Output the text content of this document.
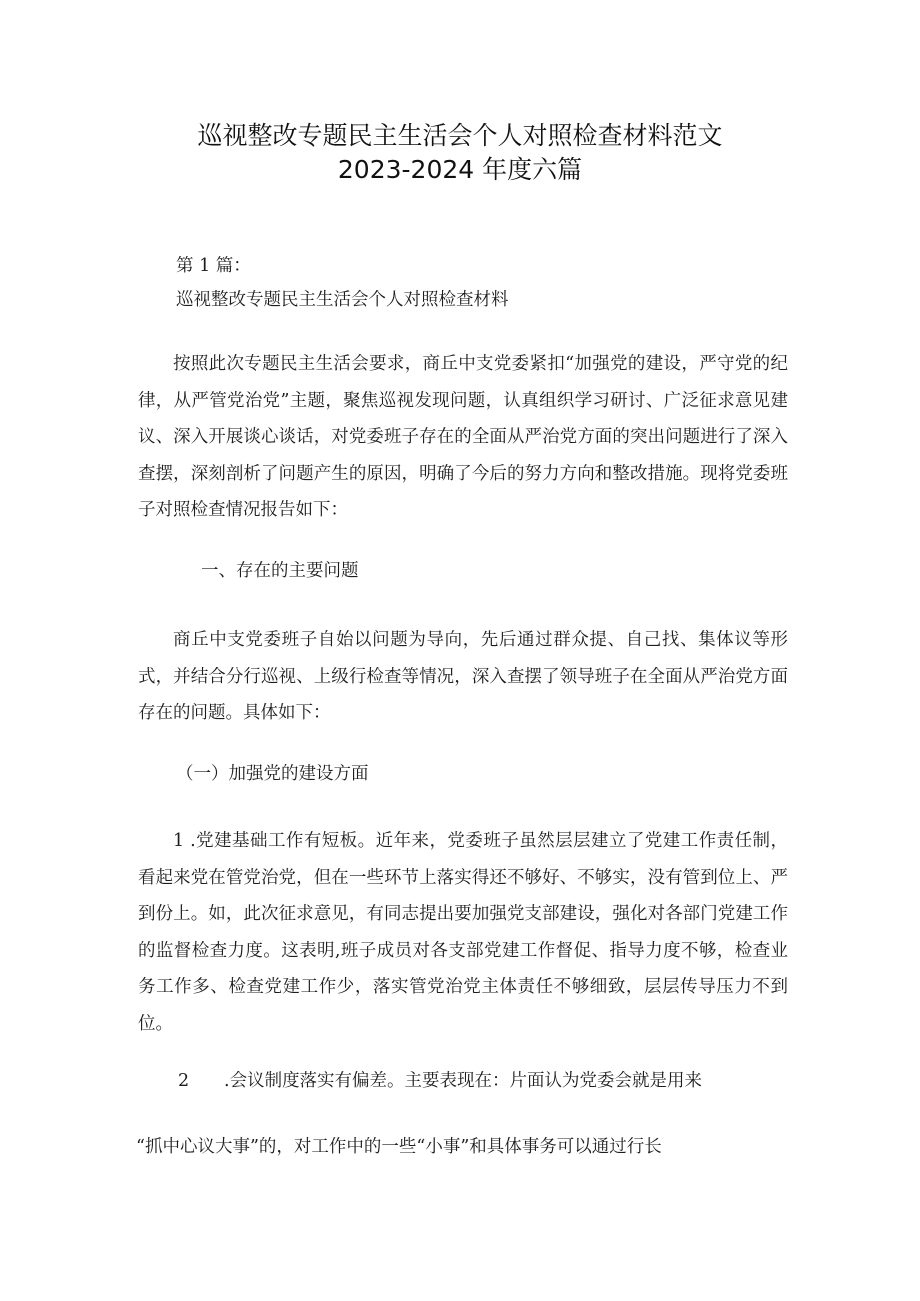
巡视整改专题民主生活会个人对照检查材料范文
2023-2024 年度六篇
第 1 篇：
巡视整改专题民主生活会个人对照检查材料
按照此次专题民主生活会要求，商丘中支党委紧扣“加强党的建设，严守党的纪律，从严管党治党”主题，聚焦巡视发现问题，认真组织学习研讨、广泛征求意见建议、深入开展谈心谈话，对党委班子存在的全面从严治党方面的突出问题进行了深入查摆，深刻剖析了问题产生的原因，明确了今后的努力方向和整改措施。现将党委班子对照检查情况报告如下：
一、存在的主要问题
商丘中支党委班子自始以问题为导向，先后通过群众提、自己找、集体议等形式，并结合分行巡视、上级行检查等情况，深入查摆了领导班子在全面从严治党方面存在的问题。具体如下：
（一）加强党的建设方面
1 .党建基础工作有短板。近年来，党委班子虽然层层建立了党建工作责任制，看起来党在管党治党，但在一些环节上落实得还不够好、不够实，没有管到位上、严到份上。如，此次征求意见，有同志提出要加强党支部建设，强化对各部门党建工作的监督检查力度。这表明,班子成员对各支部党建工作督促、指导力度不够，检查业务工作多、检查党建工作少，落实管党治党主体责任不够细致，层层传导压力不到位。
2 .会议制度落实有偏差。主要表现在：片面认为党委会就是用来
“抓中心议大事”的，对工作中的一些“小事”和具体事务可以通过行长
